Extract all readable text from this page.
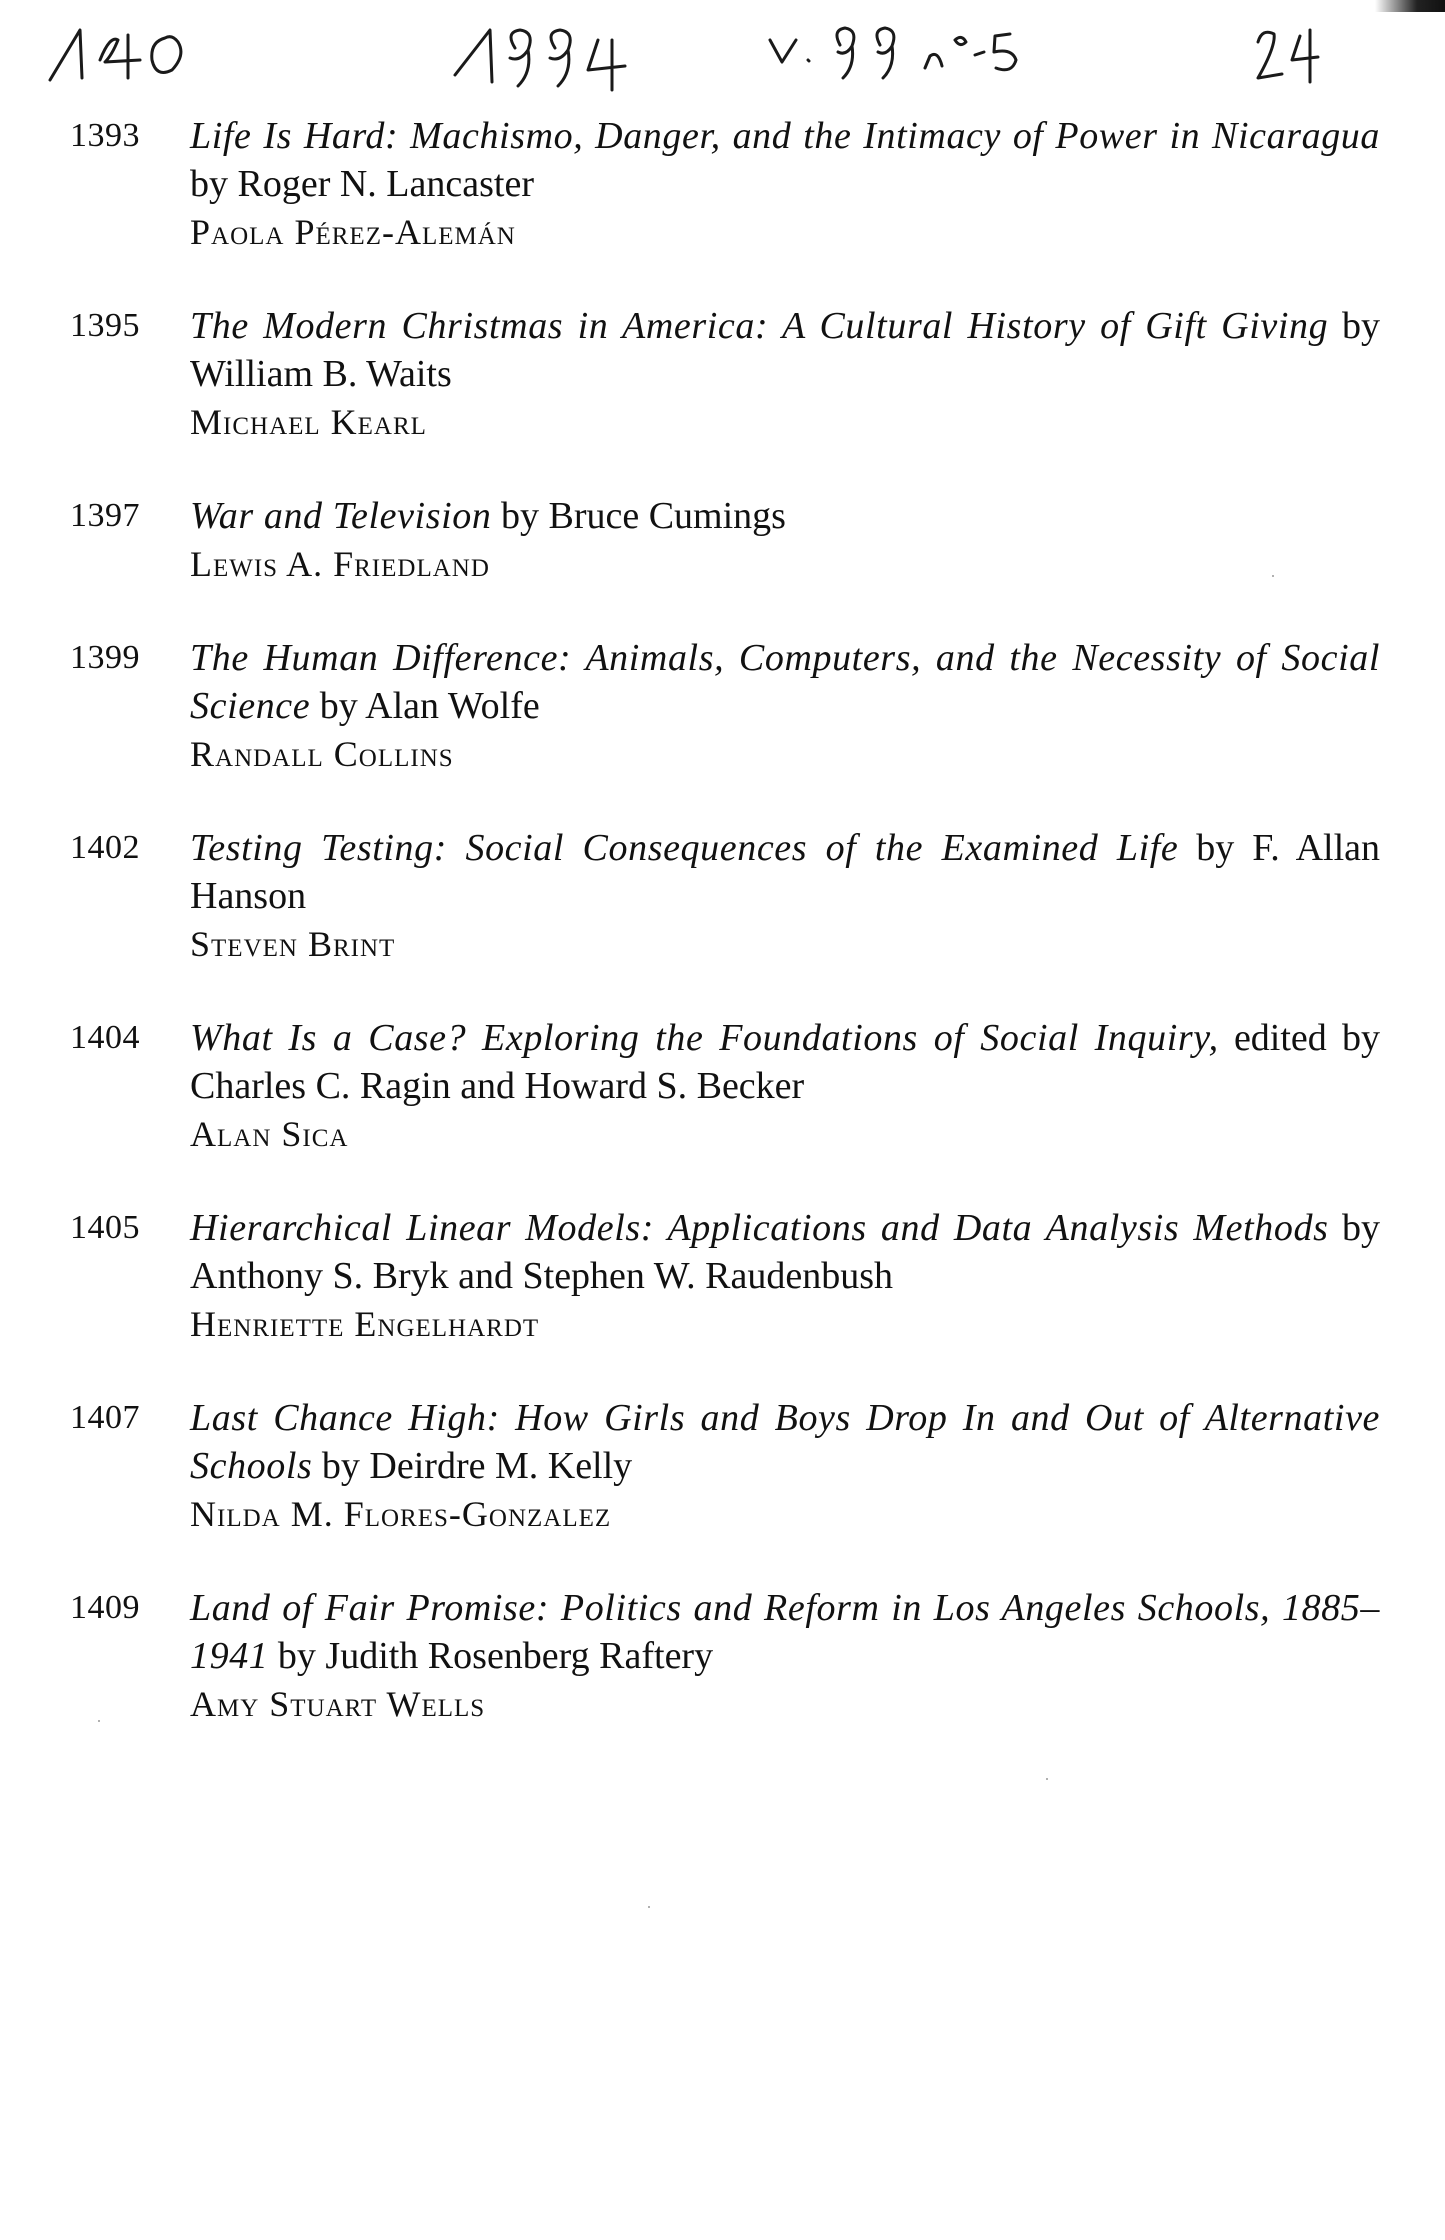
1393	Life Is Hard: Machismo, Danger, and the Intimacy of Power in Nicaragua by Roger N. Lancaster

Paola Pérez-Alemán
1395	The Modern Christmas in America: A Cultural History of Gift Giving by William B. Waits

Michael Kearl
1397	War and Television by Bruce Cumings

Lewis A. Friedland
1399	The Human Difference: Animals, Computers, and the Necessity of Social Science by Alan Wolfe

Randall Collins
1402	Testing Testing: Social Consequences of the Examined Life by F. Allan Hanson

Steven Brint
1404	What Is a Case? Exploring the Foundations of Social Inquiry, edited by Charles C. Ragin and Howard S. Becker

Alan Sica
1405	Hierarchical Linear Models: Applications and Data Analysis Methods by Anthony S. Bryk and Stephen W. Raudenbush

Henriette Engelhardt
1407	Last Chance High: How Girls and Boys Drop In and Out of Alternative Schools by Deirdre M. Kelly

Nilda M. Flores-Gonzalez
1409	Land of Fair Promise: Politics and Reform in Los Angeles Schools, 1885–1941 by Judith Rosenberg Raftery

Amy Stuart Wells
